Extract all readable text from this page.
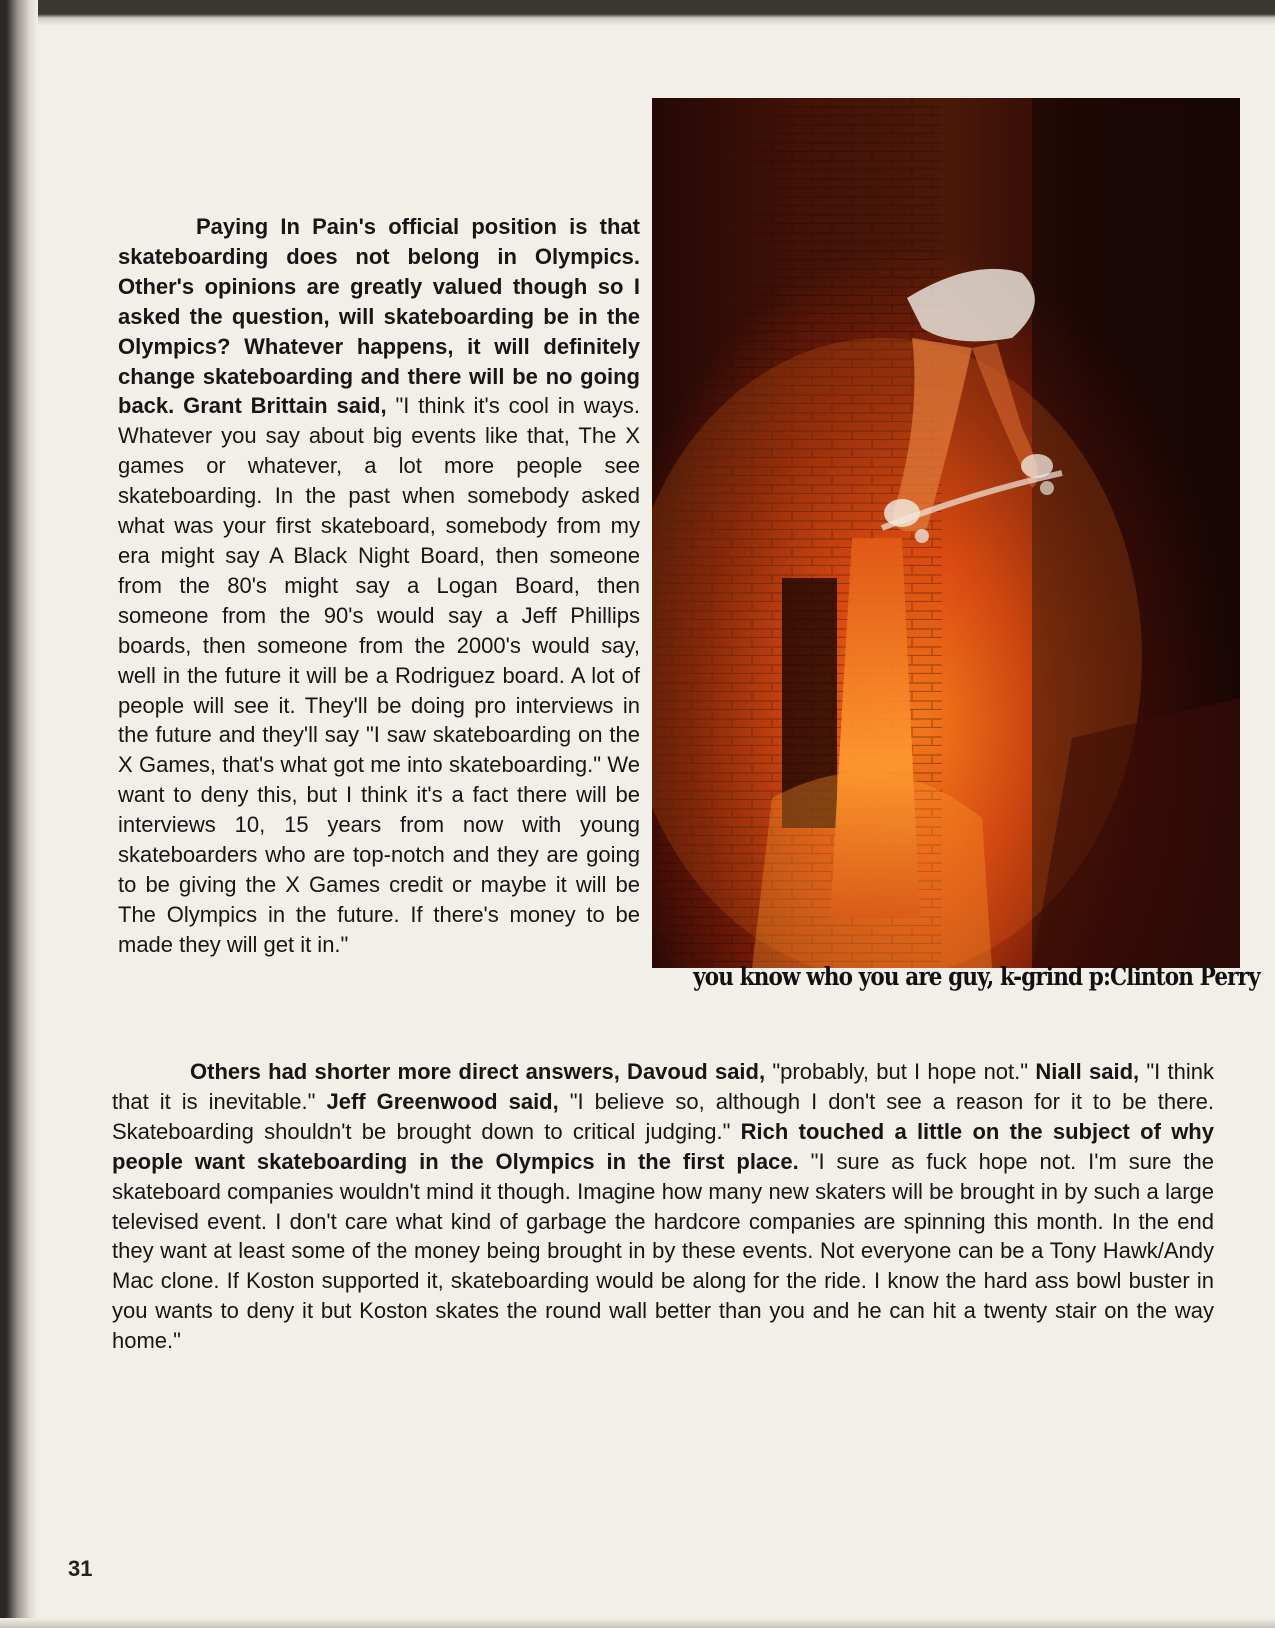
Paying In Pain's official position is that skateboarding does not belong in Olympics. Other's opinions are greatly valued though so I asked the question, will skateboarding be in the Olympics? Whatever happens, it will definitely change skateboarding and there will be no going back. Grant Brittain said, "I think it's cool in ways. Whatever you say about big events like that, The X games or whatever, a lot more people see skateboarding. In the past when somebody asked what was your first skateboard, somebody from my era might say A Black Night Board, then someone from the 80's might say a Logan Board, then someone from the 90's would say a Jeff Phillips boards, then someone from the 2000's would say, well in the future it will be a Rodriguez board. A lot of people will see it. They'll be doing pro interviews in the future and they'll say "I saw skateboarding on the X Games, that's what got me into skateboarding." We want to deny this, but I think it's a fact there will be interviews 10, 15 years from now with young skateboarders who are top-notch and they are going to be giving the X Games credit or maybe it will be The Olympics in the future. If there's money to be made they will get it in."
you know who you are guy, k-grind p:Clinton Perry
Others had shorter more direct answers, Davoud said, "probably, but I hope not." Niall said, "I think that it is inevitable." Jeff Greenwood said, "I believe so, although I don't see a reason for it to be there. Skateboarding shouldn't be brought down to critical judging." Rich touched a little on the subject of why people want skateboarding in the Olympics in the first place. "I sure as fuck hope not. I'm sure the skateboard companies wouldn't mind it though. Imagine how many new skaters will be brought in by such a large televised event. I don't care what kind of garbage the hardcore companies are spinning this month. In the end they want at least some of the money being brought in by these events. Not everyone can be a Tony Hawk/Andy Mac clone. If Koston supported it, skateboarding would be along for the ride. I know the hard ass bowl buster in you wants to deny it but Koston skates the round wall better than you and he can hit a twenty stair on the way home."
31
